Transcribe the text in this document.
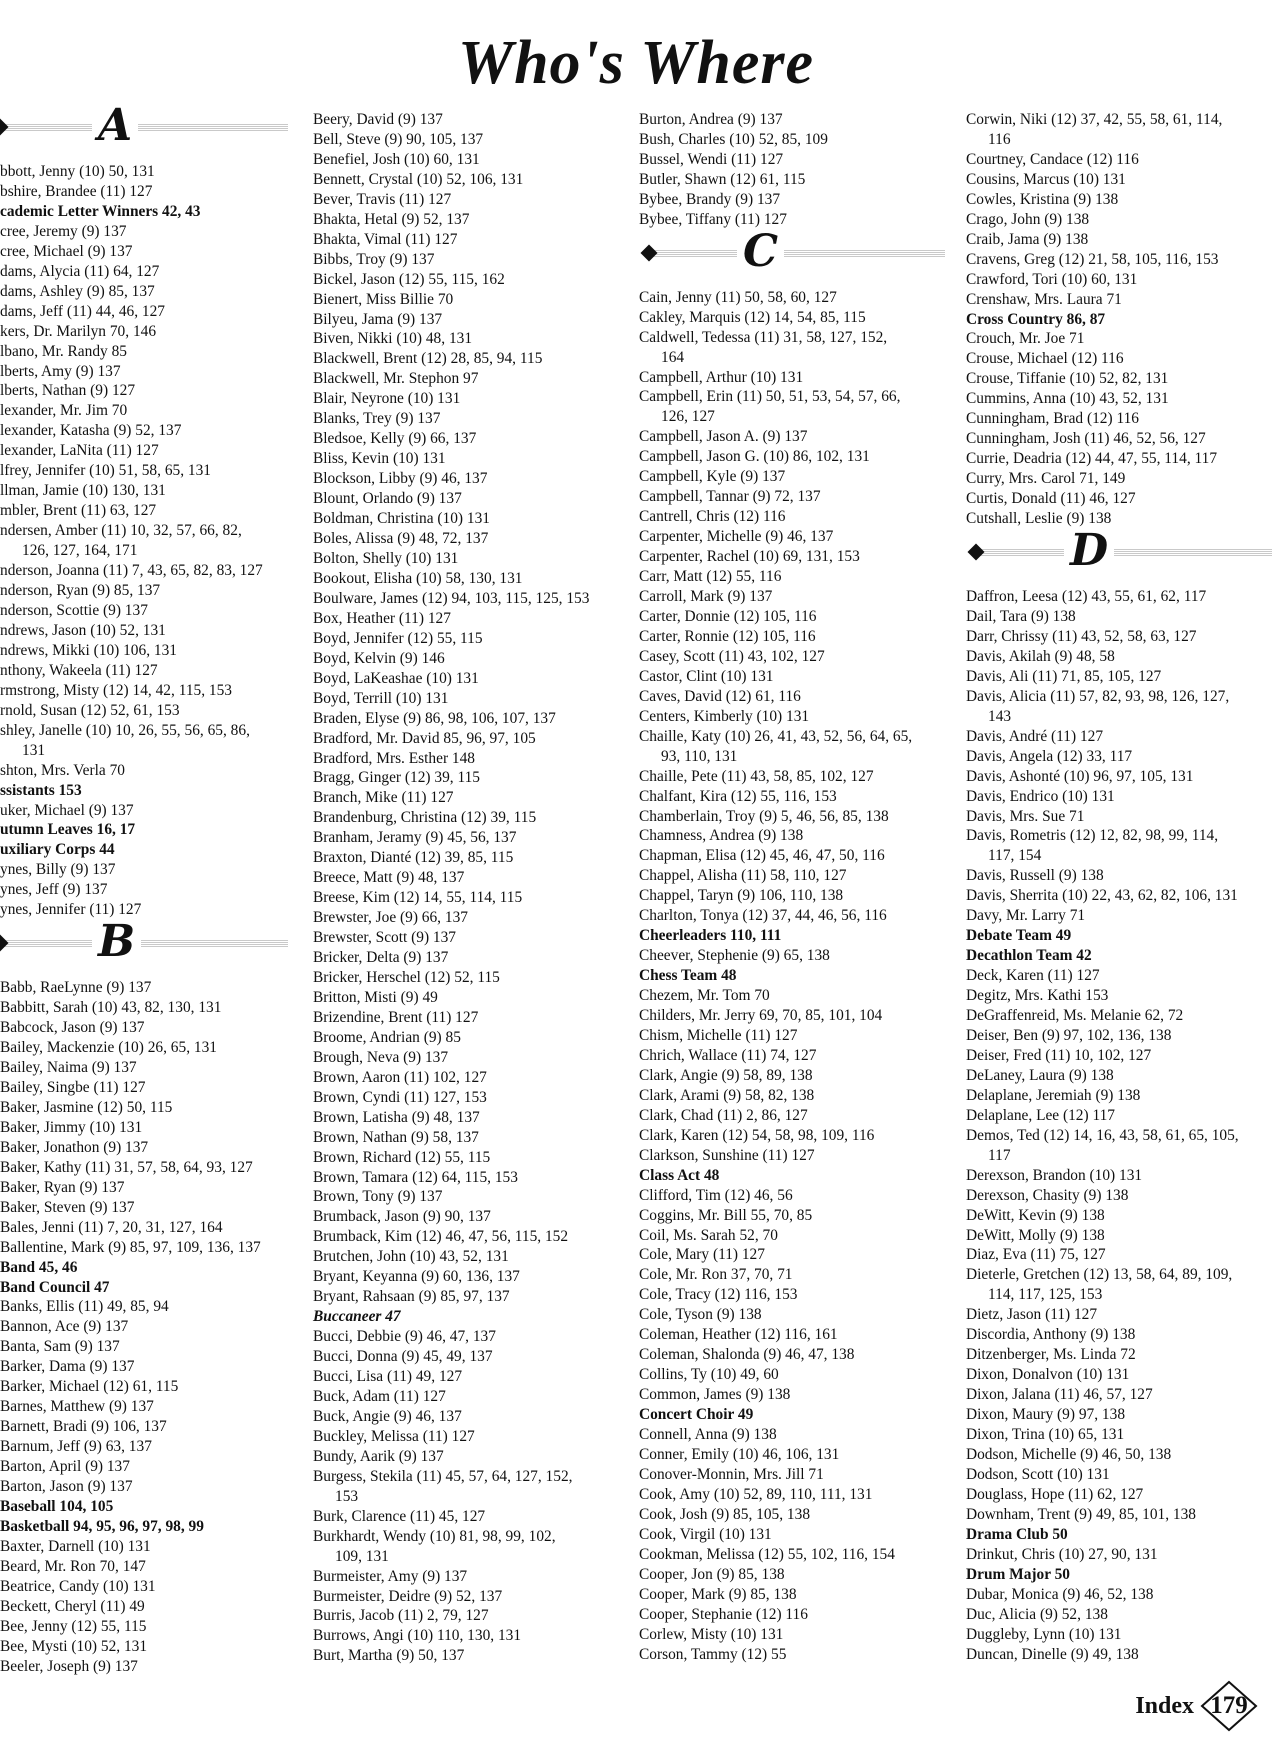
Who's Where
A
bbott, Jenny (10) 50, 131
bshire, Brandee (11) 127
cademic Letter Winners 42, 43
cree, Jeremy (9) 137
cree, Michael (9) 137
dams, Alycia (11) 64, 127
dams, Ashley (9) 85, 137
dams, Jeff (11) 44, 46, 127
kers, Dr. Marilyn 70, 146
lbano, Mr. Randy 85
lberts, Amy (9) 137
lberts, Nathan (9) 127
lexander, Mr. Jim 70
lexander, Katasha (9) 52, 137
lexander, LaNita (11) 127
lfrey, Jennifer (10) 51, 58, 65, 131
llman, Jamie (10) 130, 131
mbler, Brent (11) 63, 127
ndersen, Amber (11) 10, 32, 57, 66, 82,
126, 127, 164, 171
nderson, Joanna (11) 7, 43, 65, 82, 83, 127
nderson, Ryan (9) 85, 137
nderson, Scottie (9) 137
ndrews, Jason (10) 52, 131
ndrews, Mikki (10) 106, 131
nthony, Wakeela (11) 127
rmstrong, Misty (12) 14, 42, 115, 153
rnold, Susan (12) 52, 61, 153
shley, Janelle (10) 10, 26, 55, 56, 65, 86,
131
shton, Mrs. Verla 70
ssistants 153
uker, Michael (9) 137
utumn Leaves 16, 17
uxiliary Corps 44
ynes, Billy (9) 137
ynes, Jeff (9) 137
ynes, Jennifer (11) 127
B
Babb, RaeLynne (9) 137
Babbitt, Sarah (10) 43, 82, 130, 131
Babcock, Jason (9) 137
Bailey, Mackenzie (10) 26, 65, 131
Bailey, Naima (9) 137
Bailey, Singbe (11) 127
Baker, Jasmine (12) 50, 115
Baker, Jimmy (10) 131
Baker, Jonathon (9) 137
Baker, Kathy (11) 31, 57, 58, 64, 93, 127
Baker, Ryan (9) 137
Baker, Steven (9) 137
Bales, Jenni (11) 7, 20, 31, 127, 164
Ballentine, Mark (9) 85, 97, 109, 136, 137
Band 45, 46
Band Council 47
Banks, Ellis (11) 49, 85, 94
Bannon, Ace (9) 137
Banta, Sam (9) 137
Barker, Dama (9) 137
Barker, Michael (12) 61, 115
Barnes, Matthew (9) 137
Barnett, Bradi (9) 106, 137
Barnum, Jeff (9) 63, 137
Barton, April (9) 137
Barton, Jason (9) 137
Baseball 104, 105
Basketball 94, 95, 96, 97, 98, 99
Baxter, Darnell (10) 131
Beard, Mr. Ron 70, 147
Beatrice, Candy (10) 131
Beckett, Cheryl (11) 49
Bee, Jenny (12) 55, 115
Bee, Mysti (10) 52, 131
Beeler, Joseph (9) 137
Beery, David (9) 137
Bell, Steve (9) 90, 105, 137
Benefiel, Josh (10) 60, 131
Bennett, Crystal (10) 52, 106, 131
Bever, Travis (11) 127
Bhakta, Hetal (9) 52, 137
Bhakta, Vimal (11) 127
Bibbs, Troy (9) 137
Bickel, Jason (12) 55, 115, 162
Bienert, Miss Billie 70
Bilyeu, Jama (9) 137
Biven, Nikki (10) 48, 131
Blackwell, Brent (12) 28, 85, 94, 115
Blackwell, Mr. Stephon 97
Blair, Neyrone (10) 131
Blanks, Trey (9) 137
Bledsoe, Kelly (9) 66, 137
Bliss, Kevin (10) 131
Blockson, Libby (9) 46, 137
Blount, Orlando (9) 137
Boldman, Christina (10) 131
Boles, Alissa (9) 48, 72, 137
Bolton, Shelly (10) 131
Bookout, Elisha (10) 58, 130, 131
Boulware, James (12) 94, 103, 115, 125, 153
Box, Heather (11) 127
Boyd, Jennifer (12) 55, 115
Boyd, Kelvin (9) 146
Boyd, LaKeashae (10) 131
Boyd, Terrill (10) 131
Braden, Elyse (9) 86, 98, 106, 107, 137
Bradford, Mr. David 85, 96, 97, 105
Bradford, Mrs. Esther 148
Bragg, Ginger (12) 39, 115
Branch, Mike (11) 127
Brandenburg, Christina (12) 39, 115
Branham, Jeramy (9) 45, 56, 137
Braxton, Dianté (12) 39, 85, 115
Breece, Matt (9) 48, 137
Breese, Kim (12) 14, 55, 114, 115
Brewster, Joe (9) 66, 137
Brewster, Scott (9) 137
Bricker, Delta (9) 137
Bricker, Herschel (12) 52, 115
Britton, Misti (9) 49
Brizendine, Brent (11) 127
Broome, Andrian (9) 85
Brough, Neva (9) 137
Brown, Aaron (11) 102, 127
Brown, Cyndi (11) 127, 153
Brown, Latisha (9) 48, 137
Brown, Nathan (9) 58, 137
Brown, Richard (12) 55, 115
Brown, Tamara (12) 64, 115, 153
Brown, Tony (9) 137
Brumback, Jason (9) 90, 137
Brumback, Kim (12) 46, 47, 56, 115, 152
Brutchen, John (10) 43, 52, 131
Bryant, Keyanna (9) 60, 136, 137
Bryant, Rahsaan (9) 85, 97, 137
Buccaneer 47
Bucci, Debbie (9) 46, 47, 137
Bucci, Donna (9) 45, 49, 137
Bucci, Lisa (11) 49, 127
Buck, Adam (11) 127
Buck, Angie (9) 46, 137
Buckley, Melissa (11) 127
Bundy, Aarik (9) 137
Burgess, Stekila (11) 45, 57, 64, 127, 152,
153
Burk, Clarence (11) 45, 127
Burkhardt, Wendy (10) 81, 98, 99, 102,
109, 131
Burmeister, Amy (9) 137
Burmeister, Deidre (9) 52, 137
Burris, Jacob (11) 2, 79, 127
Burrows, Angi (10) 110, 130, 131
Burt, Martha (9) 50, 137
Burton, Andrea (9) 137
Bush, Charles (10) 52, 85, 109
Bussel, Wendi (11) 127
Butler, Shawn (12) 61, 115
Bybee, Brandy (9) 137
Bybee, Tiffany (11) 127
C
Cain, Jenny (11) 50, 58, 60, 127
Cakley, Marquis (12) 14, 54, 85, 115
Caldwell, Tedessa (11) 31, 58, 127, 152,
164
Campbell, Arthur (10) 131
Campbell, Erin (11) 50, 51, 53, 54, 57, 66,
126, 127
Campbell, Jason A. (9) 137
Campbell, Jason G. (10) 86, 102, 131
Campbell, Kyle (9) 137
Campbell, Tannar (9) 72, 137
Cantrell, Chris (12) 116
Carpenter, Michelle (9) 46, 137
Carpenter, Rachel (10) 69, 131, 153
Carr, Matt (12) 55, 116
Carroll, Mark (9) 137
Carter, Donnie (12) 105, 116
Carter, Ronnie (12) 105, 116
Casey, Scott (11) 43, 102, 127
Castor, Clint (10) 131
Caves, David (12) 61, 116
Centers, Kimberly (10) 131
Chaille, Katy (10) 26, 41, 43, 52, 56, 64, 65,
93, 110, 131
Chaille, Pete (11) 43, 58, 85, 102, 127
Chalfant, Kira (12) 55, 116, 153
Chamberlain, Troy (9) 5, 46, 56, 85, 138
Chamness, Andrea (9) 138
Chapman, Elisa (12) 45, 46, 47, 50, 116
Chappel, Alisha (11) 58, 110, 127
Chappel, Taryn (9) 106, 110, 138
Charlton, Tonya (12) 37, 44, 46, 56, 116
Cheerleaders 110, 111
Cheever, Stephenie (9) 65, 138
Chess Team 48
Chezem, Mr. Tom 70
Childers, Mr. Jerry 69, 70, 85, 101, 104
Chism, Michelle (11) 127
Chrich, Wallace (11) 74, 127
Clark, Angie (9) 58, 89, 138
Clark, Arami (9) 58, 82, 138
Clark, Chad (11) 2, 86, 127
Clark, Karen (12) 54, 58, 98, 109, 116
Clarkson, Sunshine (11) 127
Class Act 48
Clifford, Tim (12) 46, 56
Coggins, Mr. Bill 55, 70, 85
Coil, Ms. Sarah 52, 70
Cole, Mary (11) 127
Cole, Mr. Ron 37, 70, 71
Cole, Tracy (12) 116, 153
Cole, Tyson (9) 138
Coleman, Heather (12) 116, 161
Coleman, Shalonda (9) 46, 47, 138
Collins, Ty (10) 49, 60
Common, James (9) 138
Concert Choir 49
Connell, Anna (9) 138
Conner, Emily (10) 46, 106, 131
Conover-Monnin, Mrs. Jill 71
Cook, Amy (10) 52, 89, 110, 111, 131
Cook, Josh (9) 85, 105, 138
Cook, Virgil (10) 131
Cookman, Melissa (12) 55, 102, 116, 154
Cooper, Jon (9) 85, 138
Cooper, Mark (9) 85, 138
Cooper, Stephanie (12) 116
Corlew, Misty (10) 131
Corson, Tammy (12) 55
Corwin, Niki (12) 37, 42, 55, 58, 61, 114,
116
Courtney, Candace (12) 116
Cousins, Marcus (10) 131
Cowles, Kristina (9) 138
Crago, John (9) 138
Craib, Jama (9) 138
Cravens, Greg (12) 21, 58, 105, 116, 153
Crawford, Tori (10) 60, 131
Crenshaw, Mrs. Laura 71
Cross Country 86, 87
Crouch, Mr. Joe 71
Crouse, Michael (12) 116
Crouse, Tiffanie (10) 52, 82, 131
Cummins, Anna (10) 43, 52, 131
Cunningham, Brad (12) 116
Cunningham, Josh (11) 46, 52, 56, 127
Currie, Deadria (12) 44, 47, 55, 114, 117
Curry, Mrs. Carol 71, 149
Curtis, Donald (11) 46, 127
Cutshall, Leslie (9) 138
D
Daffron, Leesa (12) 43, 55, 61, 62, 117
Dail, Tara (9) 138
Darr, Chrissy (11) 43, 52, 58, 63, 127
Davis, Akilah (9) 48, 58
Davis, Ali (11) 71, 85, 105, 127
Davis, Alicia (11) 57, 82, 93, 98, 126, 127,
143
Davis, André (11) 127
Davis, Angela (12) 33, 117
Davis, Ashonté (10) 96, 97, 105, 131
Davis, Endrico (10) 131
Davis, Mrs. Sue 71
Davis, Rometris (12) 12, 82, 98, 99, 114,
117, 154
Davis, Russell (9) 138
Davis, Sherrita (10) 22, 43, 62, 82, 106, 131
Davy, Mr. Larry 71
Debate Team 49
Decathlon Team 42
Deck, Karen (11) 127
Degitz, Mrs. Kathi 153
DeGraffenreid, Ms. Melanie 62, 72
Deiser, Ben (9) 97, 102, 136, 138
Deiser, Fred (11) 10, 102, 127
DeLaney, Laura (9) 138
Delaplane, Jeremiah (9) 138
Delaplane, Lee (12) 117
Demos, Ted (12) 14, 16, 43, 58, 61, 65, 105,
117
Derexson, Brandon (10) 131
Derexson, Chasity (9) 138
DeWitt, Kevin (9) 138
DeWitt, Molly (9) 138
Diaz, Eva (11) 75, 127
Dieterle, Gretchen (12) 13, 58, 64, 89, 109,
114, 117, 125, 153
Dietz, Jason (11) 127
Discordia, Anthony (9) 138
Ditzenberger, Ms. Linda 72
Dixon, Donalvon (10) 131
Dixon, Jalana (11) 46, 57, 127
Dixon, Maury (9) 97, 138
Dixon, Trina (10) 65, 131
Dodson, Michelle (9) 46, 50, 138
Dodson, Scott (10) 131
Douglass, Hope (11) 62, 127
Downham, Trent (9) 49, 85, 101, 138
Drama Club 50
Drinkut, Chris (10) 27, 90, 131
Drum Major 50
Dubar, Monica (9) 46, 52, 138
Duc, Alicia (9) 52, 138
Duggleby, Lynn (10) 131
Duncan, Dinelle (9) 49, 138
Index 179
